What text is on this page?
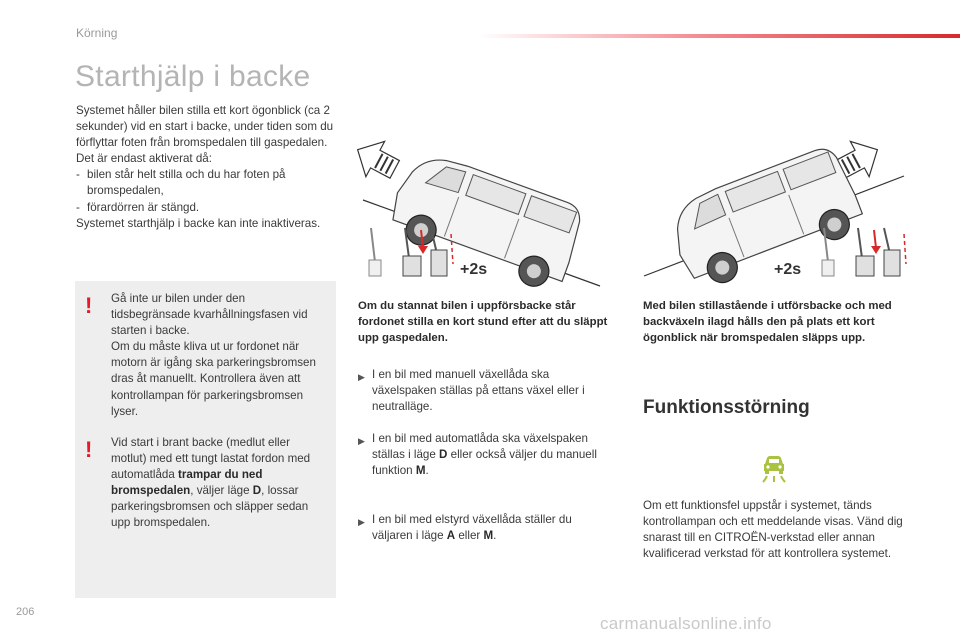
Körning
Starthjälp i backe

Systemet håller bilen stilla ett kort ögonblick (ca 2 sekunder) vid en start i backe, under tiden som du förflyttar foten från bromspedalen till gaspedalen.

Det är endast aktiverat då:

- bilen står helt stilla och du har foten på bromspedalen,
- förardörren är stängd.

Systemet starthjälp i backe kan inte inaktiveras.

! Gå inte ur bilen under den tidsbegränsade kvarhållningsfasen vid starten i backe.
Om du måste kliva ut ur fordonet när motorn är igång ska parkeringsbromsen dras åt manuellt. Kontrollera även att kontrollampan för parkeringsbromsen lyser.
! Vid start i brant backe (medlut eller motlut) med ett tungt lastat fordon med automatlåda trampar du ned bromspedalen, väljer läge D, lossar parkeringsbromsen och släpper sedan upp bromspedalen.
+2s	+2s
Om du stannat bilen i uppförsbacke står fordonet stilla en kort stund efter att du släppt upp gaspedalen.
▶ I en bil med manuell växellåda ska växelspaken ställas på ettans växel eller i neutralläge.
▶ I en bil med automatlåda ska växelspaken ställas i läge D eller också väljer du manuell funktion M.
▶ I en bil med elstyrd växellåda ställer du väljaren i läge A eller M.
Med bilen stillastående i utförsbacke och med backväxeln ilagd hålls den på plats ett kort ögonblick när bromspedalen släpps upp.
Funktionsstörning
Om ett funktionsfel uppstår i systemet, tänds kontrollampan och ett meddelande visas. Vänd dig snarast till en CITROËN-verkstad eller annan kvalificerad verkstad för att kontrollera systemet.
206
carmanualsonline.info
